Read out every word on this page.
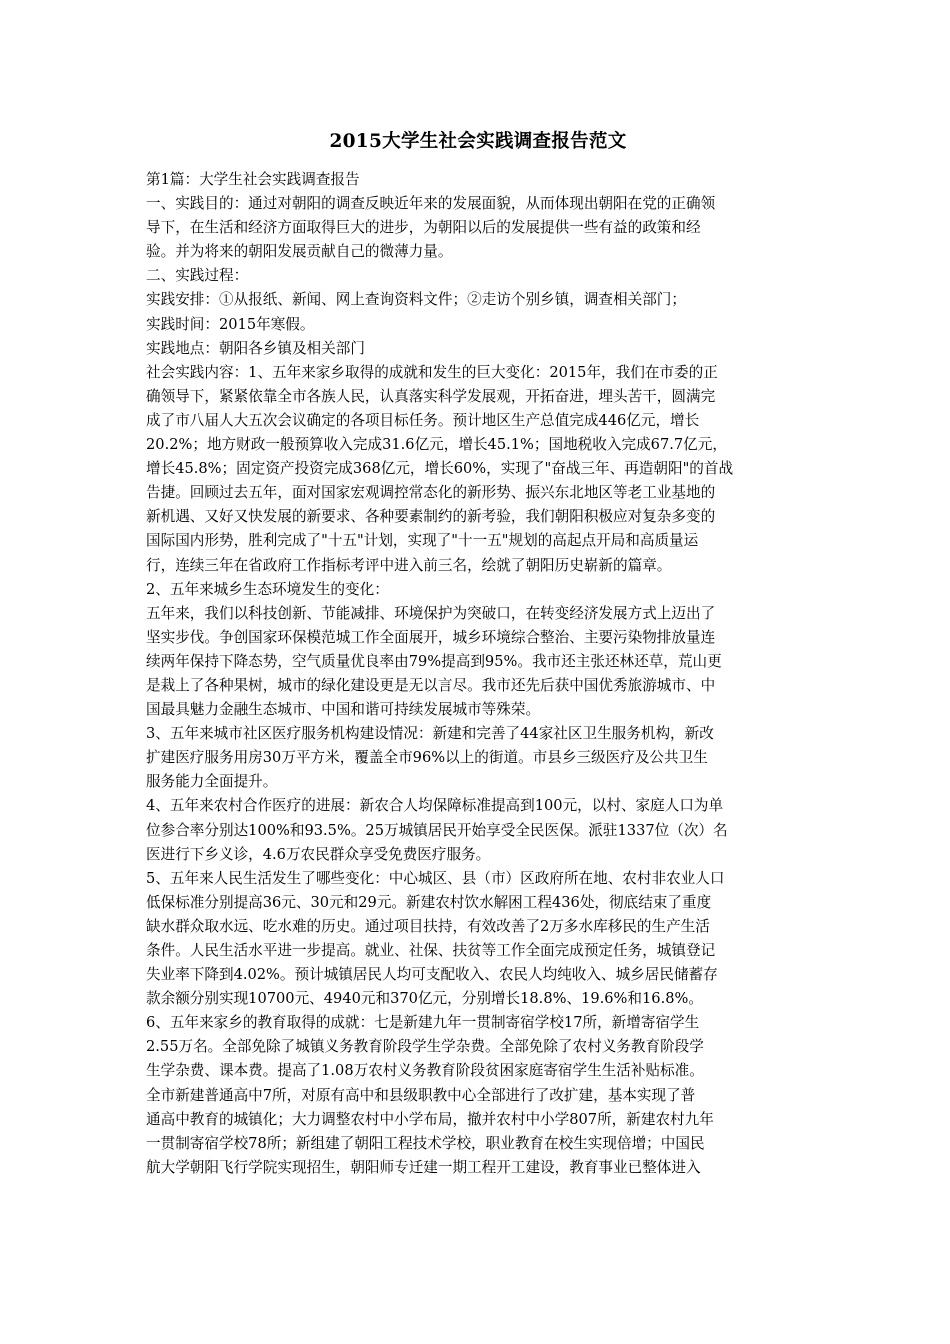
2015大学生社会实践调查报告范文
第1篇：大学生社会实践调查报告
一、实践目的：通过对朝阳的调查反映近年来的发展面貌，从而体现出朝阳在党的正确领
导下，在生活和经济方面取得巨大的进步，为朝阳以后的发展提供一些有益的政策和经
验。并为将来的朝阳发展贡献自己的微薄力量。
二、实践过程：
实践安排：①从报纸、新闻、网上查询资料文件；②走访个别乡镇，调查相关部门；
实践时间：2015年寒假。
实践地点：朝阳各乡镇及相关部门
社会实践内容：1、五年来家乡取得的成就和发生的巨大变化：2015年，我们在市委的正
确领导下，紧紧依靠全市各族人民，认真落实科学发展观，开拓奋进，埋头苦干，圆满完
成了市八届人大五次会议确定的各项目标任务。预计地区生产总值完成446亿元，增长
20.2%；地方财政一般预算收入完成31.6亿元，增长45.1%；国地税收入完成67.7亿元，
增长45.8%；固定资产投资完成368亿元，增长60%，实现了"奋战三年、再造朝阳"的首战
告捷。回顾过去五年，面对国家宏观调控常态化的新形势、振兴东北地区等老工业基地的
新机遇、又好又快发展的新要求、各种要素制约的新考验，我们朝阳积极应对复杂多变的
国际国内形势，胜利完成了"十五"计划，实现了"十一五"规划的高起点开局和高质量运
行，连续三年在省政府工作指标考评中进入前三名，绘就了朝阳历史崭新的篇章。
2、五年来城乡生态环境发生的变化：
五年来，我们以科技创新、节能减排、环境保护为突破口，在转变经济发展方式上迈出了
坚实步伐。争创国家环保模范城工作全面展开，城乡环境综合整治、主要污染物排放量连
续两年保持下降态势，空气质量优良率由79%提高到95%。我市还主张还林还草，荒山更
是栽上了各种果树，城市的绿化建设更是无以言尽。我市还先后获中国优秀旅游城市、中
国最具魅力金融生态城市、中国和谐可持续发展城市等殊荣。
3、五年来城市社区医疗服务机构建设情况：新建和完善了44家社区卫生服务机构，新改
扩建医疗服务用房30万平方米，覆盖全市96%以上的街道。市县乡三级医疗及公共卫生
服务能力全面提升。
4、五年来农村合作医疗的进展：新农合人均保障标准提高到100元，以村、家庭人口为单
位参合率分别达100%和93.5%。25万城镇居民开始享受全民医保。派驻1337位（次）名
医进行下乡义诊，4.6万农民群众享受免费医疗服务。
5、五年来人民生活发生了哪些变化：中心城区、县（市）区政府所在地、农村非农业人口
低保标准分别提高36元、30元和29元。新建农村饮水解困工程436处，彻底结束了重度
缺水群众取水远、吃水难的历史。通过项目扶持，有效改善了2万多水库移民的生产生活
条件。人民生活水平进一步提高。就业、社保、扶贫等工作全面完成预定任务，城镇登记
失业率下降到4.02%。预计城镇居民人均可支配收入、农民人均纯收入、城乡居民储蓄存
款余额分别实现10700元、4940元和370亿元，分别增长18.8%、19.6%和16.8%。
6、五年来家乡的教育取得的成就：七是新建九年一贯制寄宿学校17所，新增寄宿学生
2.55万名。全部免除了城镇义务教育阶段学生学杂费。全部免除了农村义务教育阶段学
生学杂费、课本费。提高了1.08万农村义务教育阶段贫困家庭寄宿学生生活补贴标准。
全市新建普通高中7所，对原有高中和县级职教中心全部进行了改扩建，基本实现了普
通高中教育的城镇化；大力调整农村中小学布局，撤并农村中小学807所，新建农村九年
一贯制寄宿学校78所；新组建了朝阳工程技术学校，职业教育在校生实现倍增；中国民
航大学朝阳飞行学院实现招生，朝阳师专迁建一期工程开工建设，教育事业已整体进入
